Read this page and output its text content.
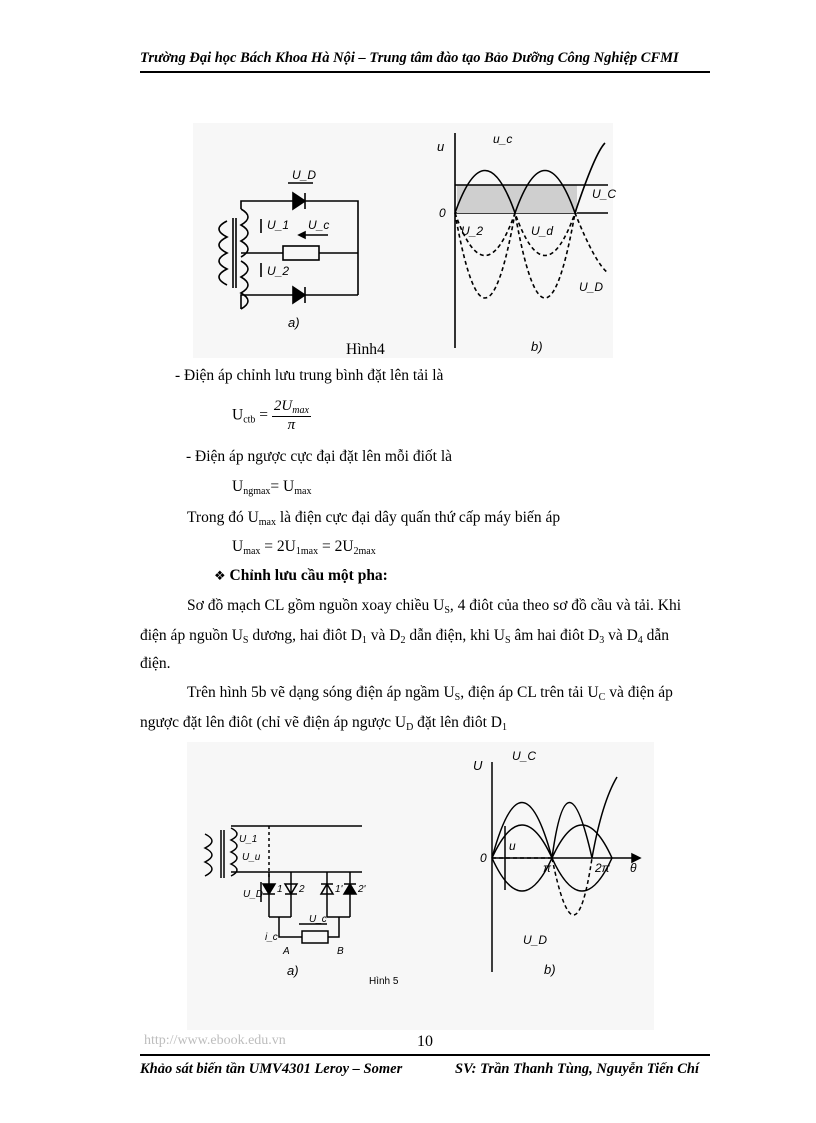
Trường Đại học Bách Khoa Hà Nội – Trung tâm đào tạo Bảo Dưỡng Công Nghiệp CFMI
U_D
U_1 U_c
U_2
a)
u	u_c
0
U_C
U_2	U_d
U_D
b)
Hình4
- Điện áp chỉnh lưu trung bình đặt lên tải là
$U_{ctb} = \frac{2U_{max}}{\pi}$
- Điện áp ngược cực đại đặt lên mỗi điốt là
$U_{ngmax}= U_{max}$
Trong đó $U_{max}$ là điện cực đại dây quấn thứ cấp máy biến áp
$U_{max} = 2U_{1max} = 2U_{2max}$
❖ Chỉnh lưu cầu một pha:
Sơ đồ mạch CL gồm nguồn xoay chiều $U_S$, 4 điôt của theo sơ đồ cầu và tải. Khi
điện áp nguồn $U_S$ dương, hai điôt $D_1$ và $D_2$ dẫn điện, khi $U_S$ âm hai điôt $D_3$ và $D_4$ dẫn
điện.
Trên hình 5b vẽ dạng sóng điện áp ngầm $U_S$, điện áp CL trên tải $U_C$ và điện áp
ngược đặt lên điôt (chỉ vẽ điện áp ngược $U_D$ đặt lên điôt $D_1$
U_1
U_u
U_D 1 2	1' 2'
i_c
U_c
A	B
a)
Hình 5
U
U_C
0
u
π	2π θ
U_D
b)
http://www.ebook.edu.vn	10
Khảo sát biến tần UMV4301 Leroy – Somer	SV: Trần Thanh Tùng, Nguyễn Tiến Chí
